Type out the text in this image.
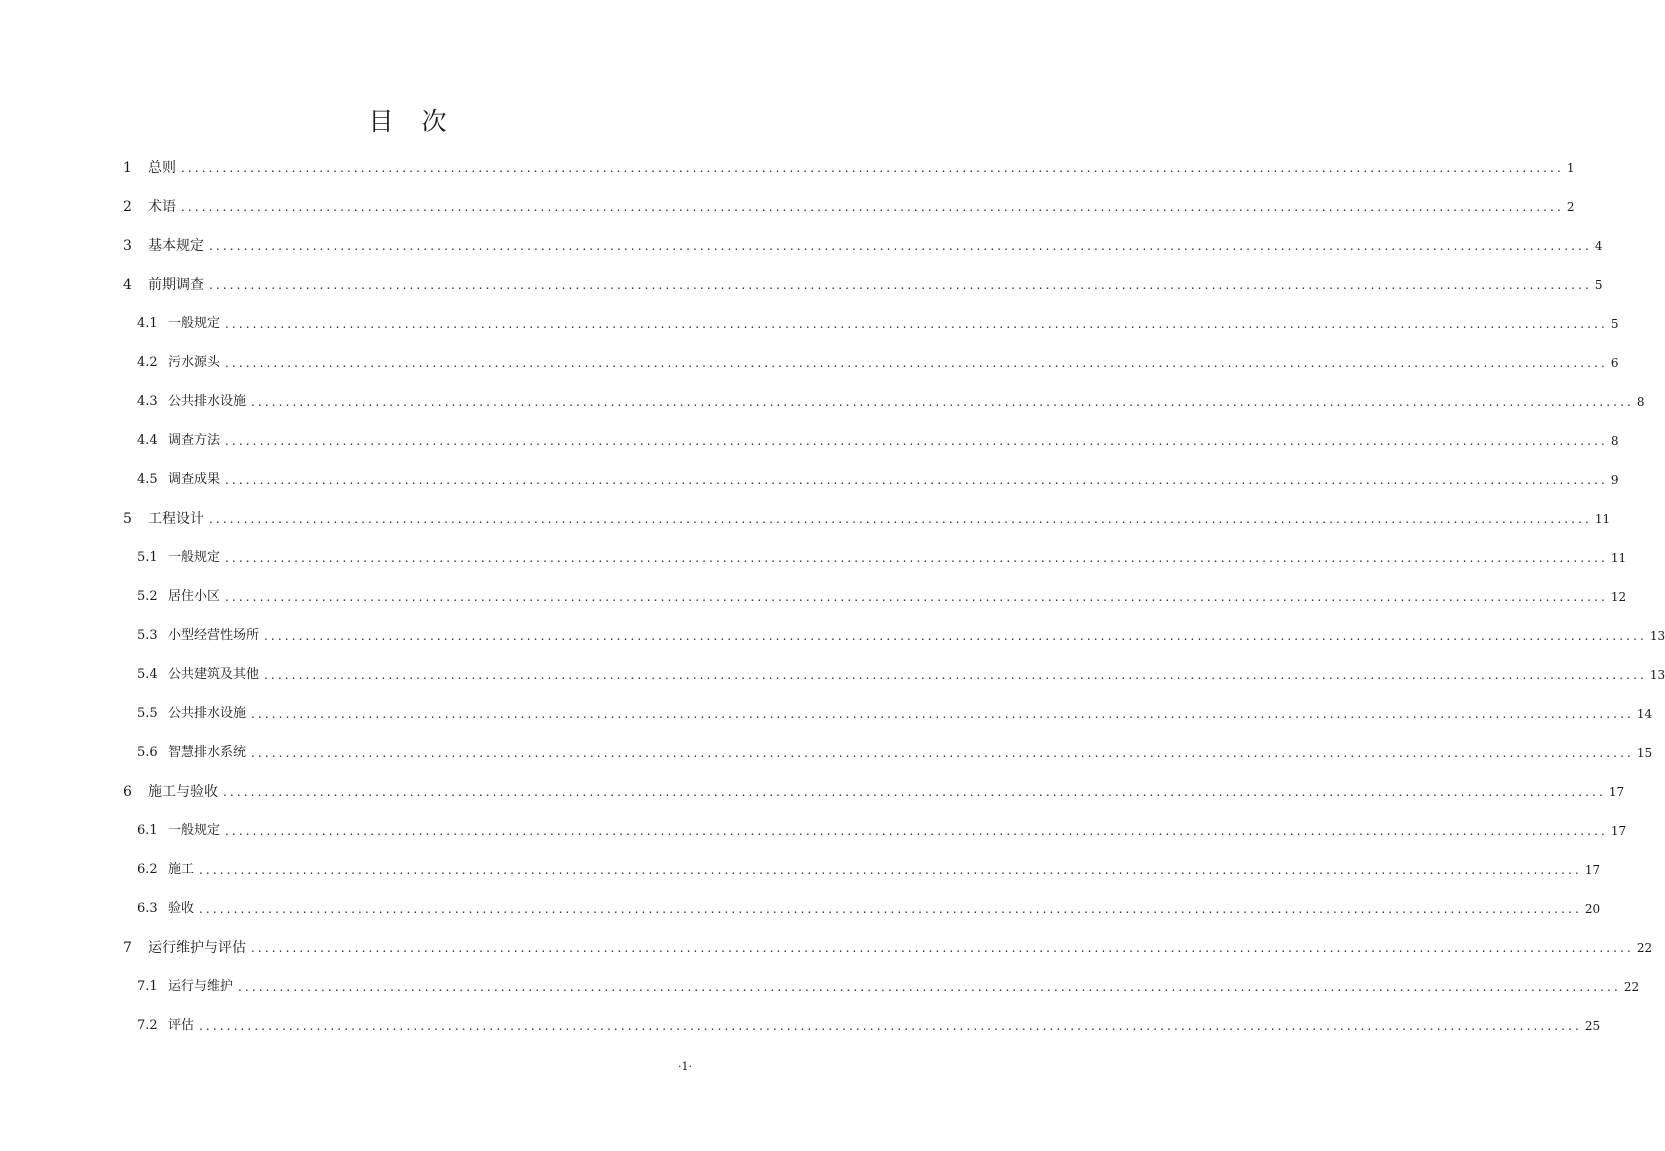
目 次
1	总则 ........................................................................................................................................................................................................ 1
2	术语 ........................................................................................................................................................................................................ 2
3	基本规定 ........................................................................................................................................................................................................ 4
4	前期调查 ........................................................................................................................................................................................................ 5
4.1 一般规定 ........................................................................................................................................................................................................ 5
4.2 污水源头 ........................................................................................................................................................................................................ 6
4.3 公共排水设施 ........................................................................................................................................................................................................ 8
4.4 调查方法 ........................................................................................................................................................................................................ 8
4.5 调查成果 ........................................................................................................................................................................................................ 9
5	工程设计 ........................................................................................................................................................................................................ 11
5.1 一般规定 ........................................................................................................................................................................................................ 11
5.2 居住小区 ........................................................................................................................................................................................................ 12
5.3 小型经营性场所 ........................................................................................................................................................................................................ 13
5.4 公共建筑及其他 ........................................................................................................................................................................................................ 13
5.5 公共排水设施 ........................................................................................................................................................................................................ 14
5.6 智慧排水系统 ........................................................................................................................................................................................................ 15
6	施工与验收 ........................................................................................................................................................................................................ 17
6.1 一般规定 ........................................................................................................................................................................................................ 17
6.2 施工 ........................................................................................................................................................................................................ 17
6.3 验收 ........................................................................................................................................................................................................ 20
7	运行维护与评估 ........................................................................................................................................................................................................ 22
7.1 运行与维护 ........................................................................................................................................................................................................ 22
7.2 评估 ........................................................................................................................................................................................................ 25
·1·
